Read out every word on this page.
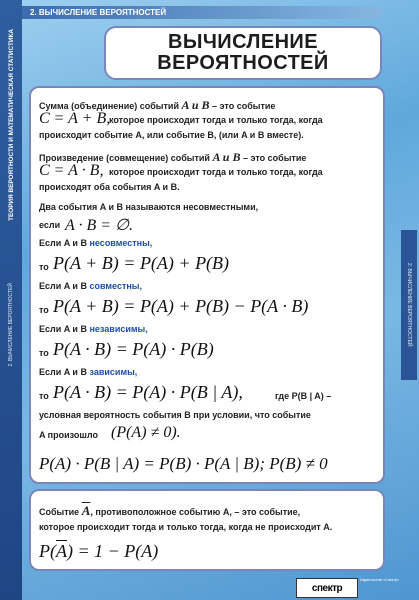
ТЕОРИЯ ВЕРОЯТНОСТИ И МАТЕМАТИЧЕСКАЯ СТАТИСТИКА
2. ВЫЧИСЛЕНИЕ ВЕРОЯТНОСТЕЙ	2. ВЫЧИСЛЕНИЕ ВЕРОЯТНОСТЕЙ
2. ВЫЧИСЛЕНИЕ ВЕРОЯТНОСТЕЙ
ВЫЧИСЛЕНИЕ
ВЕРОЯТНОСТЕЙ
Сумма (объединение) событий A и B – это событие
C = A + B,
которое происходит тогда и только тогда, когда
происходит событие A, или событие B, (или A и B вместе).
Произведение (совмещение) событий A и B – это событие
C = A · B, которое происходит тогда и только тогда, когда
происходят оба события A и B.
Два события A и B называются несовместными,
если A · B = ∅.
Если A и B несовместны,
то P(A + B) = P(A) + P(B)
Если A и B совместны,
то P(A + B) = P(A) + P(B) − P(A · B)
Если A и B независимы,
то P(A · B) = P(A) · P(B)
Если A и B зависимы,
то P(A · B) = P(A) · P(B | A),	где P(B | A) –
условная вероятность события B при условии, что событие
A произошло (P(A) ≠ 0).
P(A) · P(B | A) = P(B) · P(A | B); P(B) ≠ 0
Событие $\overline{A}$, противоположное событию A, – это событие,
которое происходит тогда и только тогда, когда не происходит A.
$P(\overline{A}) = 1 - P(A)$
спектр
Издательство «Спектр»
